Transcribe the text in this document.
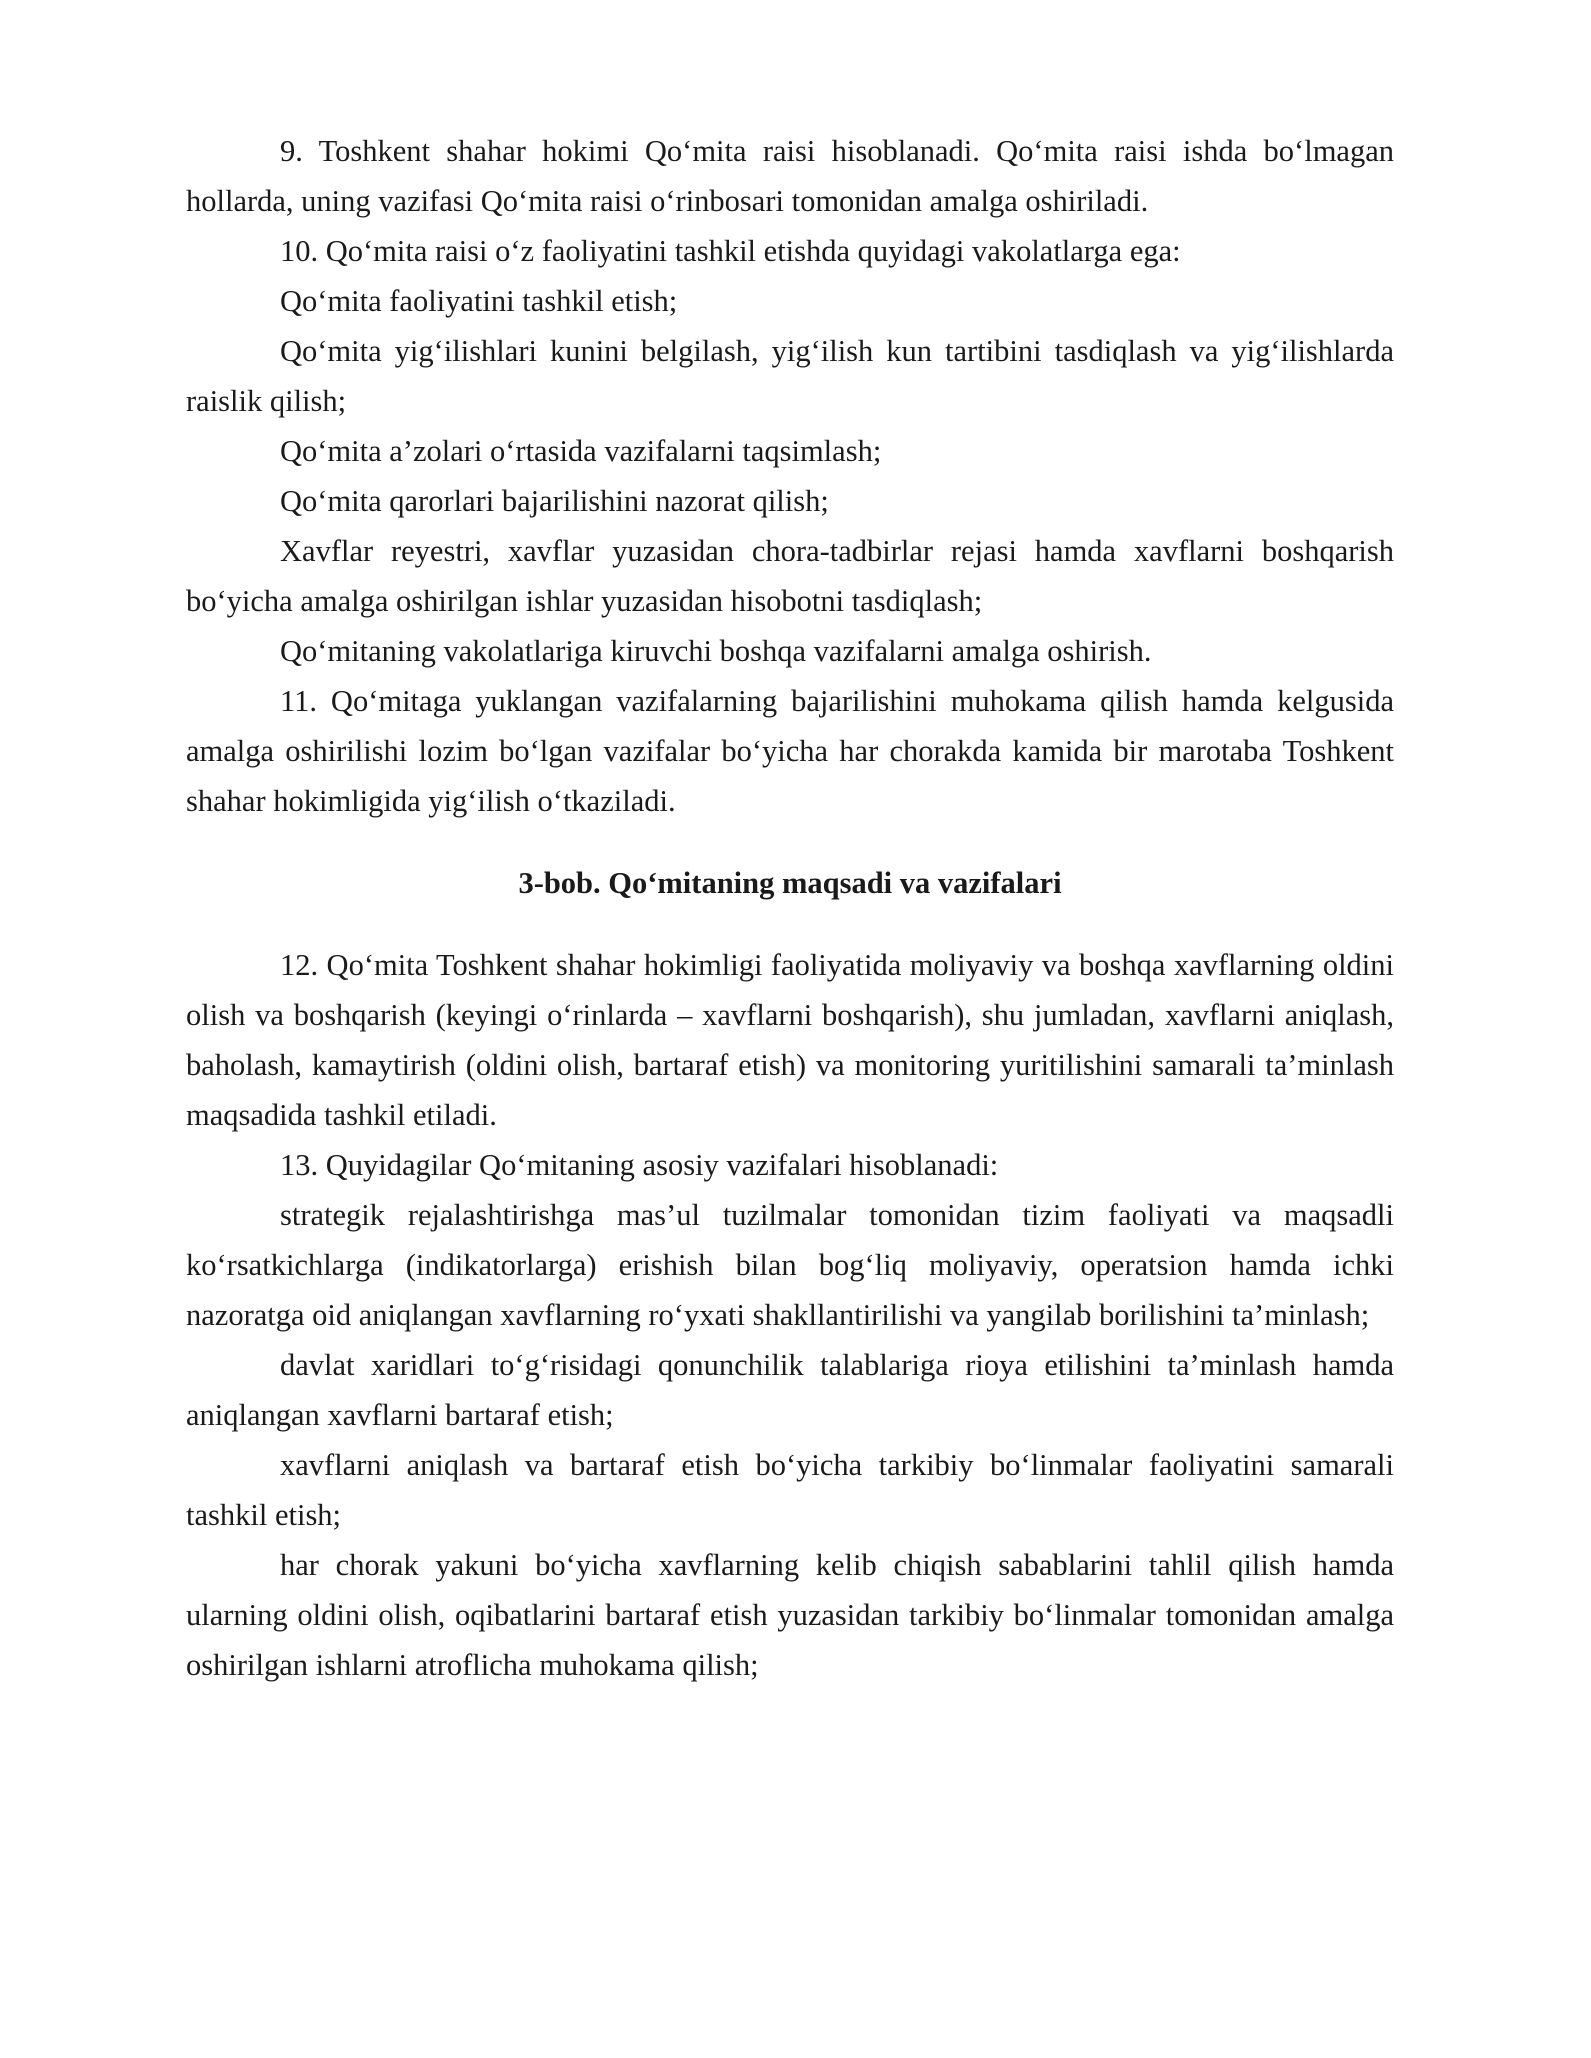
9. Toshkent shahar hokimi Qo‘mita raisi hisoblanadi. Qo‘mita raisi ishda bo‘lmagan hollarda, uning vazifasi Qo‘mita raisi o‘rinbosari tomonidan amalga oshiriladi.

10. Qo‘mita raisi o‘z faoliyatini tashkil etishda quyidagi vakolatlarga ega:

Qo‘mita faoliyatini tashkil etish;

Qo‘mita yig‘ilishlari kunini belgilash, yig‘ilish kun tartibini tasdiqlash va yig‘ilishlarda raislik qilish;

Qo‘mita a’zolari o‘rtasida vazifalarni taqsimlash;

Qo‘mita qarorlari bajarilishini nazorat qilish;

Xavflar reyestri, xavflar yuzasidan chora-tadbirlar rejasi hamda xavflarni boshqarish bo‘yicha amalga oshirilgan ishlar yuzasidan hisobotni tasdiqlash;

Qo‘mitaning vakolatlariga kiruvchi boshqa vazifalarni amalga oshirish.

11. Qo‘mitaga yuklangan vazifalarning bajarilishini muhokama qilish hamda kelgusida amalga oshirilishi lozim bo‘lgan vazifalar bo‘yicha har chorakda kamida bir marotaba Toshkent shahar hokimligida yig‘ilish o‘tkaziladi.

3-bob. Qo‘mitaning maqsadi va vazifalari

12. Qo‘mita Toshkent shahar hokimligi faoliyatida moliyaviy va boshqa xavflarning oldini olish va boshqarish (keyingi o‘rinlarda – xavflarni boshqarish), shu jumladan, xavflarni aniqlash, baholash, kamaytirish (oldini olish, bartaraf etish) va monitoring yuritilishini samarali ta’minlash maqsadida tashkil etiladi.

13. Quyidagilar Qo‘mitaning asosiy vazifalari hisoblanadi:

strategik rejalashtirishga mas’ul tuzilmalar tomonidan tizim faoliyati va maqsadli ko‘rsatkichlarga (indikatorlarga) erishish bilan bog‘liq moliyaviy, operatsion hamda ichki nazoratga oid aniqlangan xavflarning ro‘yxati shakllantirilishi va yangilab borilishini ta’minlash;

davlat xaridlari to‘g‘risidagi qonunchilik talablariga rioya etilishini ta’minlash hamda aniqlangan xavflarni bartaraf etish;

xavflarni aniqlash va bartaraf etish bo‘yicha tarkibiy bo‘linmalar faoliyatini samarali tashkil etish;

har chorak yakuni bo‘yicha xavflarning kelib chiqish sabablarini tahlil qilish hamda ularning oldini olish, oqibatlarini bartaraf etish yuzasidan tarkibiy bo‘linmalar tomonidan amalga oshirilgan ishlarni atroflicha muhokama qilish;
